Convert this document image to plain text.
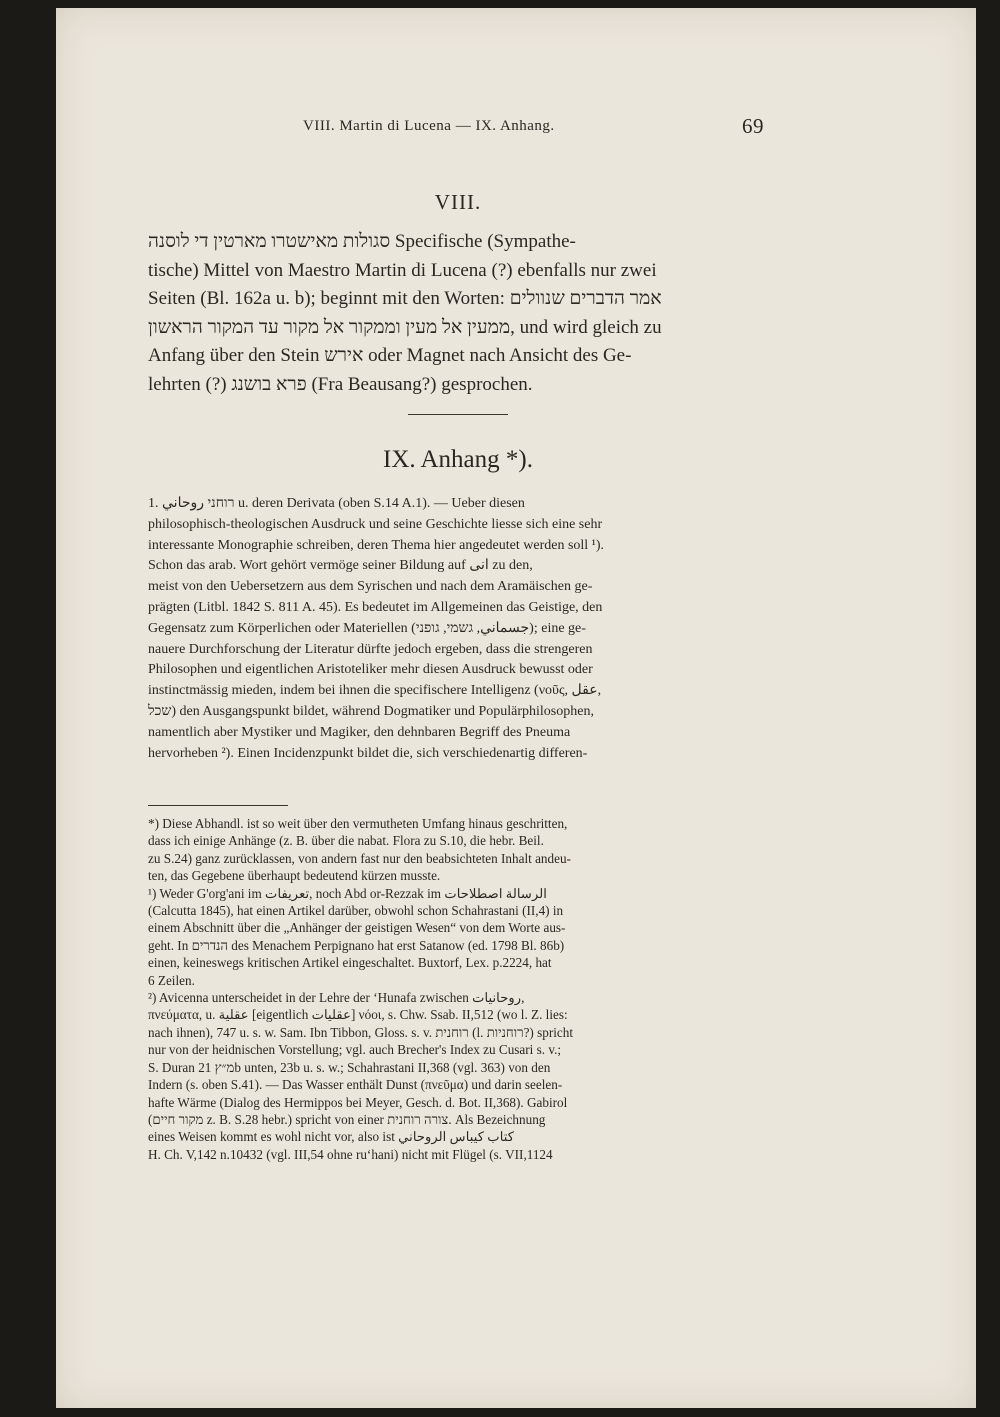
VIII. Martin di Lucena — IX. Anhang.	69
VIII.
סגולות מאישטרו מארטין די לוסנה Specifische (Sympathe-
tische) Mittel von Maestro Martin di Lucena (?) ebenfalls nur zwei
Seiten (Bl. 162a u. b); beginnt mit den Worten: אמר הדברים שנוולים
ממעין אל מעין וממקור אל מקור עד המקור הראשון, und wird gleich zu
Anfang über den Stein אירש oder Magnet nach Ansicht des Ge-
lehrten (?) פרא בושנג (Fra Beausang?) gesprochen.
IX. Anhang *).
1. רוחני روحاني u. deren Derivata (oben S.14 A.1). — Ueber diesen
philosophisch-theologischen Ausdruck und seine Geschichte liesse sich eine sehr
interessante Monographie schreiben, deren Thema hier angedeutet werden soll ¹).
Schon das arab. Wort gehört vermöge seiner Bildung auf انى zu den,
meist von den Uebersetzern aus dem Syrischen und nach dem Aramäischen ge-
prägten (Litbl. 1842 S. 811 A. 45). Es bedeutet im Allgemeinen das Geistige, den
Gegensatz zum Körperlichen oder Materiellen (جسماني, גשמי, גופני); eine ge-
nauere Durchforschung der Literatur dürfte jedoch ergeben, dass die strengeren
Philosophen und eigentlichen Aristoteliker mehr diesen Ausdruck bewusst oder
instinctmässig mieden, indem bei ihnen die specifischere Intelligenz (νοῦς, عقل,
שכל) den Ausgangspunkt bildet, während Dogmatiker und Populärphilosophen,
namentlich aber Mystiker und Magiker, den dehnbaren Begriff des Pneuma
hervorheben ²). Einen Incidenzpunkt bildet die, sich verschiedenartig differen-
*) Diese Abhandl. ist so weit über den vermutheten Umfang hinaus geschritten,
dass ich einige Anhänge (z. B. über die nabat. Flora zu S.10, die hebr. Beil.
zu S.24) ganz zurücklassen, von andern fast nur den beabsichteten Inhalt andeu-
ten, das Gegebene überhaupt bedeutend kürzen musste.
¹) Weder G'org'ani im تعريفات, noch Abd or-Rezzak im الرسالة اصطلاحات
(Calcutta 1845), hat einen Artikel darüber, obwohl schon Schahrastani (II,4) in
einem Abschnitt über die „Anhänger der geistigen Wesen“ von dem Worte aus-
geht. In הנדרים des Menachem Perpignano hat erst Satanow (ed. 1798 Bl. 86b)
einen, keineswegs kritischen Artikel eingeschaltet. Buxtorf, Lex. p.2224, hat
6 Zeilen.
²) Avicenna unterscheidet in der Lehre der ‘Hunafa zwischen روحانيات,
πνεύματα, u. عقلية [eigentlich عقليات] νόοι, s. Chw. Ssab. II,512 (wo l. Z. lies:
nach ihnen), 747 u. s. w. Sam. Ibn Tibbon, Gloss. s. v. רוחנית (l. רוחניות?) spricht
nur von der heidnischen Vorstellung; vgl. auch Brecher's Index zu Cusari s. v.;
S. Duran מ״ץ 21b unten, 23b u. s. w.; Schahrastani II,368 (vgl. 363) von den
Indern (s. oben S.41). — Das Wasser enthält Dunst (πνεῦμα) und darin seelen-
hafte Wärme (Dialog des Hermippos bei Meyer, Gesch. d. Bot. II,368). Gabirol
(מקור חיים z. B. S.28 hebr.) spricht von einer צורה רוחנית. Als Bezeichnung
eines Weisen kommt es wohl nicht vor, also ist كتاب كيباس الروحاني
H. Ch. V,142 n.10432 (vgl. III,54 ohne ru‘hani) nicht mit Flügel (s. VII,1124
